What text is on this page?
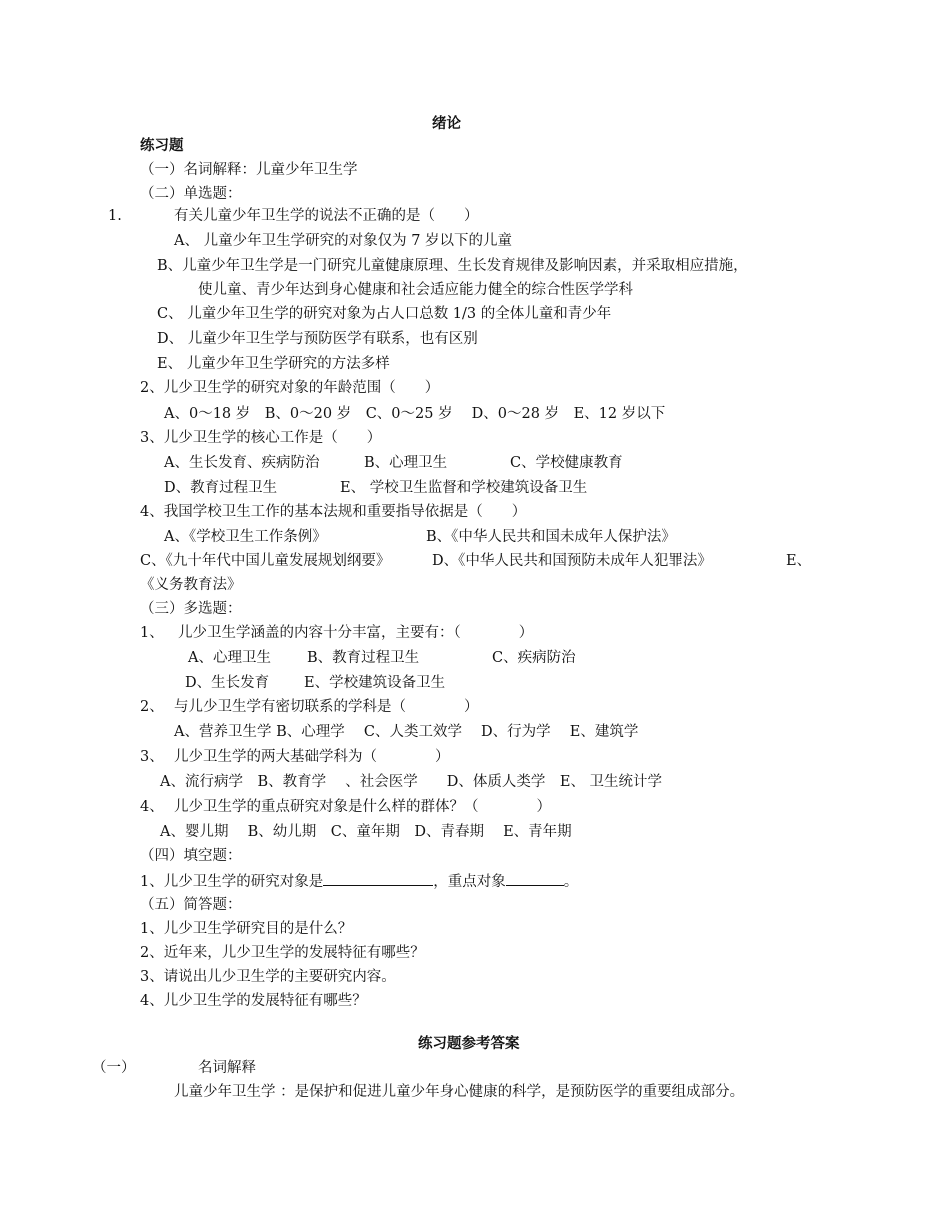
绪论
练习题
（一）名词解释：儿童少年卫生学
（二）单选题：
1.	有关儿童少年卫生学的说法不正确的是（　　）
A、 儿童少年卫生学研究的对象仅为 7 岁以下的儿童
B、儿童少年卫生学是一门研究儿童健康原理、生长发育规律及影响因素，并采取相应措施，
使儿童、青少年达到身心健康和社会适应能力健全的综合性医学学科
C、 儿童少年卫生学的研究对象为占人口总数 1/3 的全体儿童和青少年
D、 儿童少年卫生学与预防医学有联系，也有区别
E、 儿童少年卫生学研究的方法多样
2、儿少卫生学的研究对象的年龄范围（　　）
A、0～18 岁　B、0～20 岁　C、0～25 岁　 D、0～28 岁　E、12 岁以下
3、儿少卫生学的核心工作是（　　）
A、生长发育、疾病防治	B、心理卫生	C、学校健康教育
D、教育过程卫生	E、 学校卫生监督和学校建筑设备卫生
4、我国学校卫生工作的基本法规和重要指导依据是（　　）
A、《学校卫生工作条例》	B、《中华人民共和国未成年人保护法》
C、《九十年代中国儿童发展规划纲要》	D、《中华人民共和国预防未成年人犯罪法》	E、
《义务教育法》
（三）多选题：
1、 儿少卫生学涵盖的内容十分丰富，主要有：（　　　　）
A、心理卫生 B、教育过程卫生	C、疾病防治
D、生长发育 E、学校建筑设备卫生
2、 与儿少卫生学有密切联系的学科是（　　　　）
A、营养卫生学 B、心理学　 C、人类工效学　 D、行为学　 E、建筑学
3、 儿少卫生学的两大基础学科为（　　　　）
A、流行病学　B、教育学　 、社会医学　　D、体质人类学　E、 卫生统计学
4、 儿少卫生学的重点研究对象是什么样的群体？（　　　　）
A、婴儿期　 B、幼儿期　C、童年期　D、青春期　 E、青年期
（四）填空题：
1、儿少卫生学的研究对象是	，重点对象	。
（五）简答题：
1、儿少卫生学研究目的是什么？
2、近年来，儿少卫生学的发展特征有哪些？
3、请说出儿少卫生学的主要研究内容。
4、儿少卫生学的发展特征有哪些？
练习题参考答案
（一）	名词解释
儿童少年卫生学 ：是保护和促进儿童少年身心健康的科学，是预防医学的重要组成部分。
